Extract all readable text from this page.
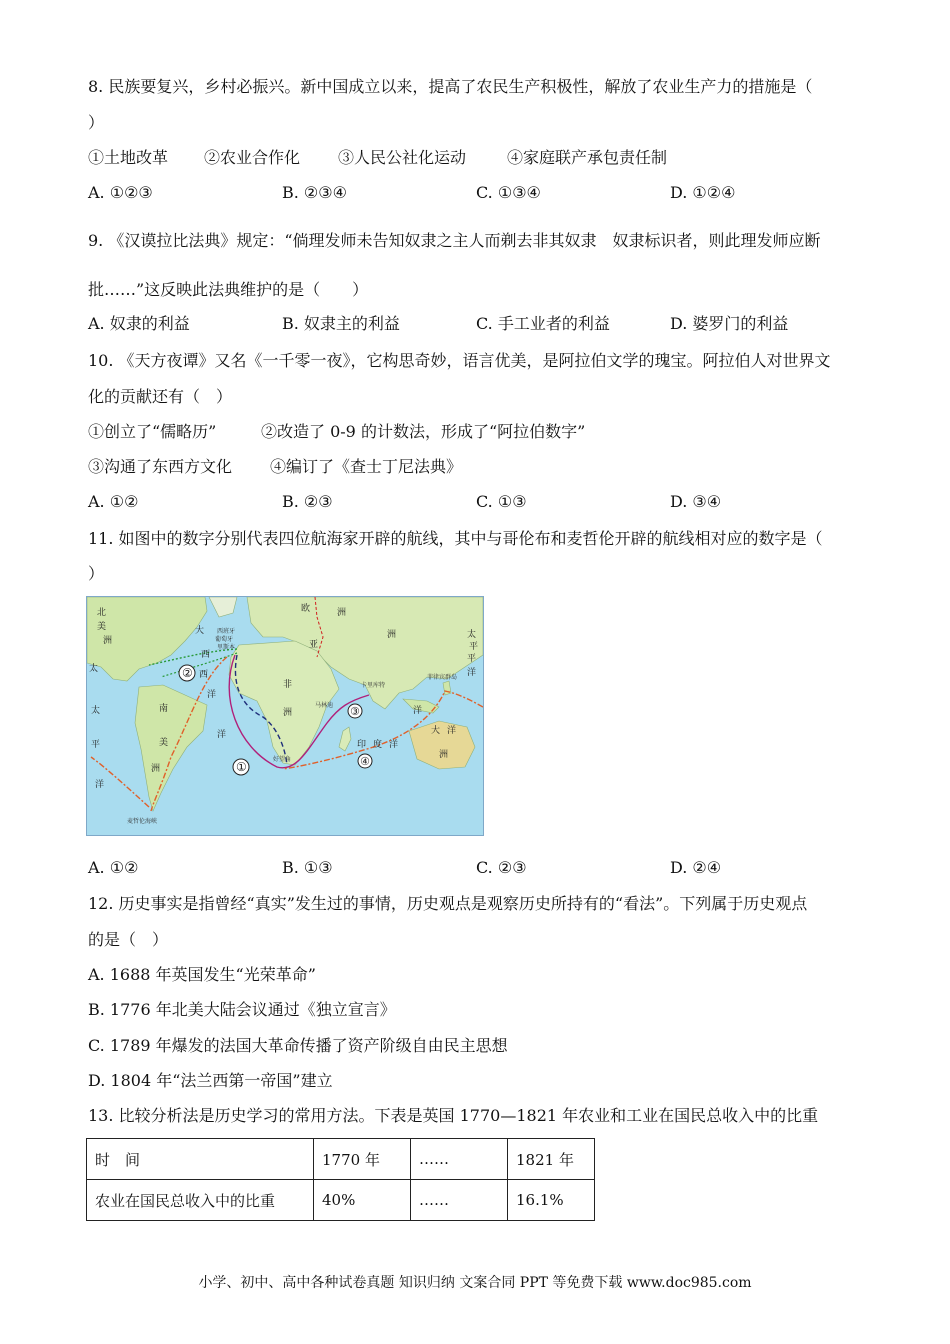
8. 民族要复兴，乡村必振兴。新中国成立以来，提高了农民生产积极性，解放了农业生产力的措施是（
）
①土地改革 ②农业合作化 ③人民公社化运动	④家庭联产承包责任制
A. ①②③	B. ②③④	C. ①③④	D. ①②④
9. 《汉谟拉比法典》规定：“倘理发师未告知奴隶之主人而剃去非其奴隶　奴隶标识者，则此理发师应断
批……”这反映此法典维护的是（　　）
A. 奴隶的利益	B. 奴隶主的利益	C. 手工业者的利益	D. 婆罗门的利益
10. 《天方夜谭》又名《一千零一夜》，它构思奇妙，语言优美，是阿拉伯文学的瑰宝。阿拉伯人对世界文
化的贡献还有（　）
①创立了“儒略历”	②改造了 0-9 的计数法，形成了“阿拉伯数字”
③沟通了东西方文化 ④编订了《查士丁尼法典》
A. ①②	B. ②③	C. ①③	D. ③④
11. 如图中的数字分别代表四位航海家开辟的航线，其中与哥伦布和麦哲伦开辟的航线相对应的数字是（
）
②
③
①	④
北
美
洲
太
大
欧	洲
亚
洲
平
非
洲
南
美
洲
太
平
洋
西
洋
印 度 洋
洋
大 洋
洲
太
平
洋
西
洋
西班牙
葡萄牙
里斯本
卡里库特
菲律宾群岛
马林迪
好望角
麦哲伦海峡
A. ①②	B. ①③	C. ②③	D. ②④
12. 历史事实是指曾经“真实”发生过的事情，历史观点是观察历史所持有的“看法”。下列属于历史观点
的是（　）
A. 1688 年英国发生“光荣革命”
B. 1776 年北美大陆会议通过《独立宣言》
C. 1789 年爆发的法国大革命传播了资产阶级自由民主思想
D. 1804 年“法兰西第一帝国”建立
13. 比较分析法是历史学习的常用方法。下表是英国 1770—1821 年农业和工业在国民总收入中的比重
时　间	1770 年	……	1821 年
农业在国民总收入中的比重	40%	……	16.1%
小学、初中、高中各种试卷真题 知识归纳 文案合同 PPT 等免费下载 www.doc985.com
